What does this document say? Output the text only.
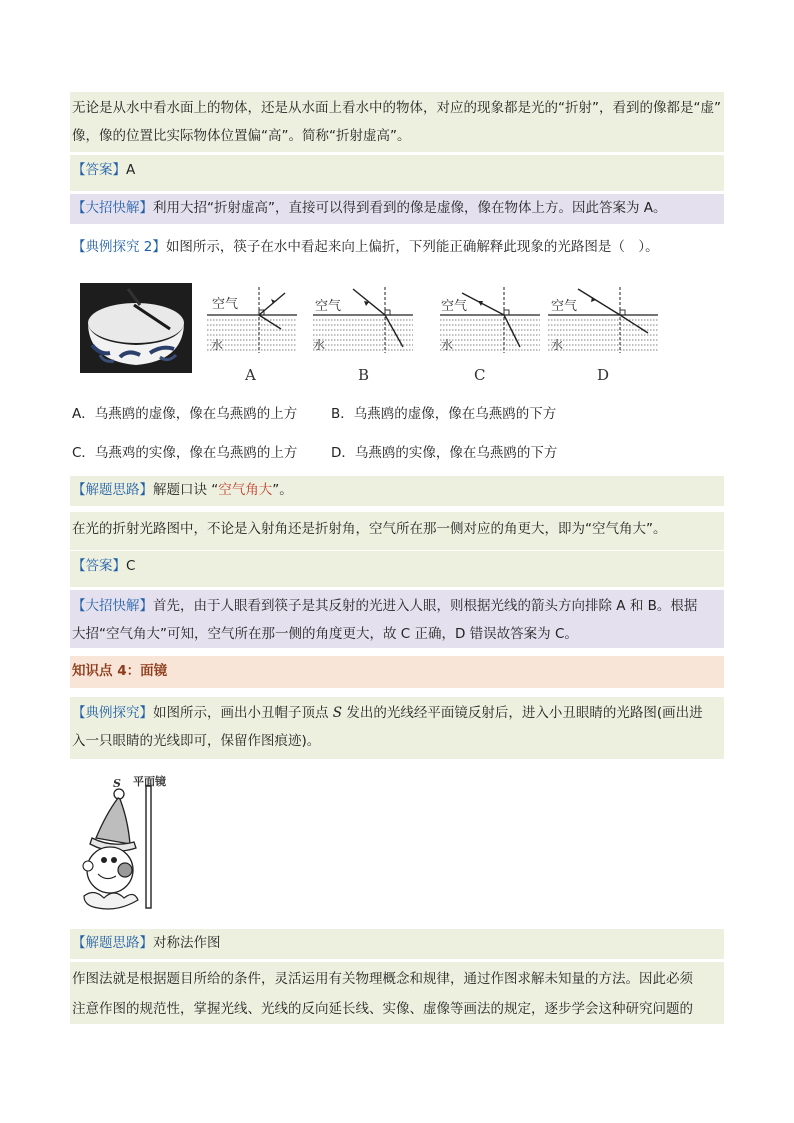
无论是从水中看水面上的物体，还是从水面上看水中的物体，对应的现象都是光的“折射”，看到的像都是“虚”
像，像的位置比实际物体位置偏“高”。简称“折射虚高”。
【答案】A
【大招快解】利用大招“折射虚高”，直接可以得到看到的像是虚像，像在物体上方。因此答案为 A。
【典例探究 2】如图所示，筷子在水中看起来向上偏折，下列能正确解释此现象的光路图是（　）。
空气
水
A
空气
水
B
空气
水
C
空气
水
D
A．乌燕鸥的虚像，像在乌燕鸥的上方	B．乌燕鸥的虚像，像在乌燕鸥的下方
C．乌燕鸡的实像，像在乌燕鸥的上方 D．乌燕鸥的实像，像在乌燕鸥的下方
【解题思路】解题口诀 “空气角大”。
在光的折射光路图中，不论是入射角还是折射角，空气所在那一侧对应的角更大，即为“空气角大”。
【答案】C
【大招快解】首先，由于人眼看到筷子是其反射的光进入人眼，则根据光线的箭头方向排除 A 和 B。根据
大招“空气角大”可知，空气所在那一侧的角度更大，故 C 正确，D 错误故答案为 C。
知识点 4：面镜
【典例探究】如图所示，画出小丑帽子顶点 S 发出的光线经平面镜反射后，进入小丑眼睛的光路图(画出进
入一只眼睛的光线即可，保留作图痕迹)。
平面镜
S
【解题思路】对称法作图
作图法就是根据题目所给的条件，灵活运用有关物理概念和规律，通过作图求解未知量的方法。因此必须
注意作图的规范性，掌握光线、光线的反向延长线、实像、虚像等画法的规定，逐步学会这种研究问题的
